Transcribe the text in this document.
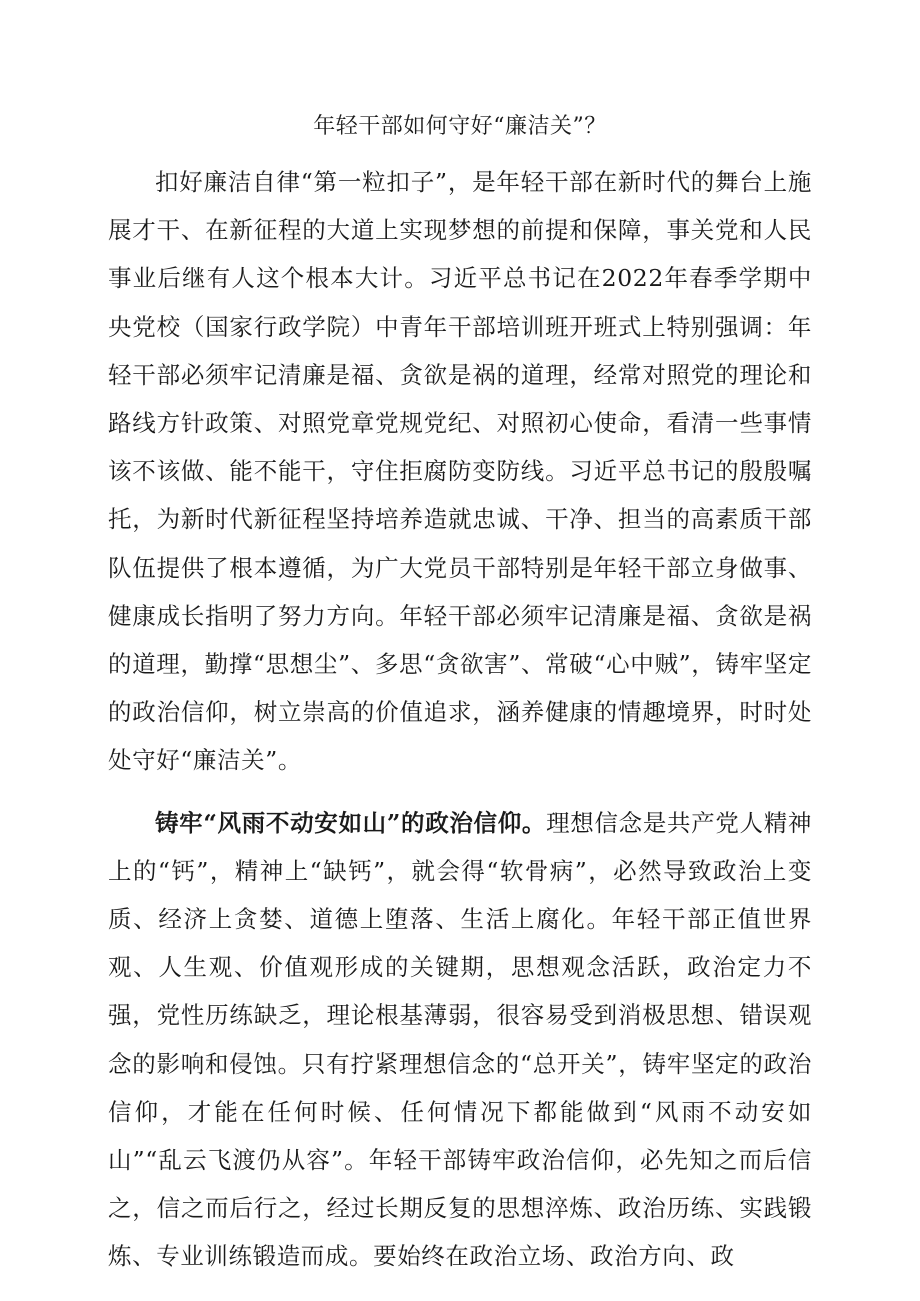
年轻干部如何守好“廉洁关”？

扣好廉洁自律“第一粒扣子”，是年轻干部在新时代的舞台上施展才干、在新征程的大道上实现梦想的前提和保障，事关党和人民事业后继有人这个根本大计。习近平总书记在2022年春季学期中央党校（国家行政学院）中青年干部培训班开班式上特别强调：年轻干部必须牢记清廉是福、贪欲是祸的道理，经常对照党的理论和路线方针政策、对照党章党规党纪、对照初心使命，看清一些事情该不该做、能不能干，守住拒腐防变防线。习近平总书记的殷殷嘱托，为新时代新征程坚持培养造就忠诚、干净、担当的高素质干部队伍提供了根本遵循，为广大党员干部特别是年轻干部立身做事、健康成长指明了努力方向。年轻干部必须牢记清廉是福、贪欲是祸的道理，勤撑“思想尘”、多思“贪欲害”、常破“心中贼”，铸牢坚定的政治信仰，树立崇高的价值追求，涵养健康的情趣境界，时时处处守好“廉洁关”。

铸牢“风雨不动安如山”的政治信仰。理想信念是共产党人精神上的“钙”，精神上“缺钙”，就会得“软骨病”，必然导致政治上变质、经济上贪婪、道德上堕落、生活上腐化。年轻干部正值世界观、人生观、价值观形成的关键期，思想观念活跃，政治定力不强，党性历练缺乏，理论根基薄弱，很容易受到消极思想、错误观念的影响和侵蚀。只有拧紧理想信念的“总开关”，铸牢坚定的政治信仰，才能在任何时候、任何情况下都能做到“风雨不动安如山”“乱云飞渡仍从容”。年轻干部铸牢政治信仰，必先知之而后信之，信之而后行之，经过长期反复的思想淬炼、政治历练、实践锻炼、专业训练锻造而成。要始终在政治立场、政治方向、政
